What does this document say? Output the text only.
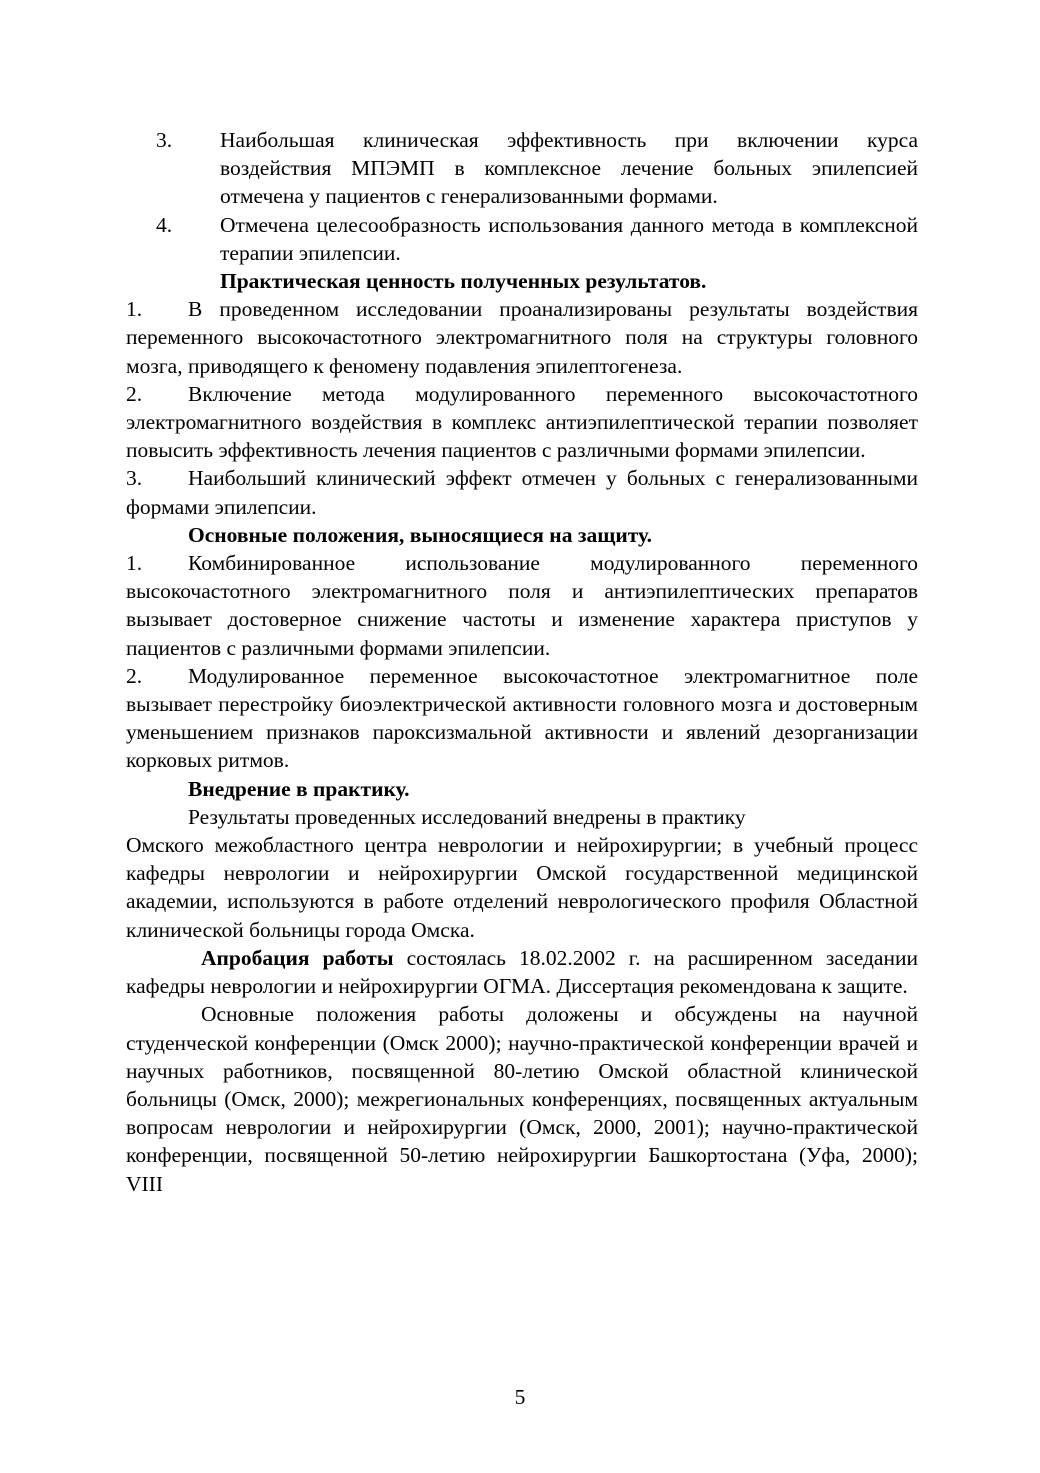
3. Наибольшая клиническая эффективность при включении курса воздействия МПЭМП в комплексное лечение больных эпилепсией отмечена у пациентов с генерализованными формами.

4. Отмечена целесообразность использования данного метода в комплексной терапии эпилепсии.

Практическая ценность полученных результатов.

1. В проведенном исследовании проанализированы результаты воздействия переменного высокочастотного электромагнитного поля на структуры головного мозга, приводящего к феномену подавления эпилептогенеза.

2. Включение метода модулированного переменного высокочастотного электромагнитного воздействия в комплекс антиэпилептической терапии позволяет повысить эффективность лечения пациентов с различными формами эпилепсии.

3. Наибольший клинический эффект отмечен у больных с генерализованными формами эпилепсии.

Основные положения, выносящиеся на защиту.

1. Комбинированное использование модулированного переменного высокочастотного электромагнитного поля и антиэпилептических препаратов вызывает достоверное снижение частоты и изменение характера приступов у пациентов с различными формами эпилепсии.

2. Модулированное переменное высокочастотное электромагнитное поле вызывает перестройку биоэлектрической активности головного мозга и достоверным уменьшением признаков пароксизмальной активности и явлений дезорганизации корковых ритмов.

Внедрение в практику.

Результаты проведенных исследований внедрены в практику

Омского межобластного центра неврологии и нейрохирургии; в учебный процесс кафедры неврологии и нейрохирургии Омской государственной медицинской академии, используются в работе отделений неврологического профиля Областной клинической больницы города Омска.

Апробация работы состоялась 18.02.2002 г. на расширенном заседании кафедры неврологии и нейрохирургии ОГМА. Диссертация рекомендована к защите.

Основные положения работы доложены и обсуждены на научной студенческой конференции (Омск 2000); научно-практической конференции врачей и научных работников, посвященной 80-летию Омской областной клинической больницы (Омск, 2000); межрегиональных конференциях, посвященных актуальным вопросам неврологии и нейрохирургии (Омск, 2000, 2001); научно-практической конференции, посвященной 50-летию нейрохирургии Башкортостана (Уфа, 2000); VIII

5
